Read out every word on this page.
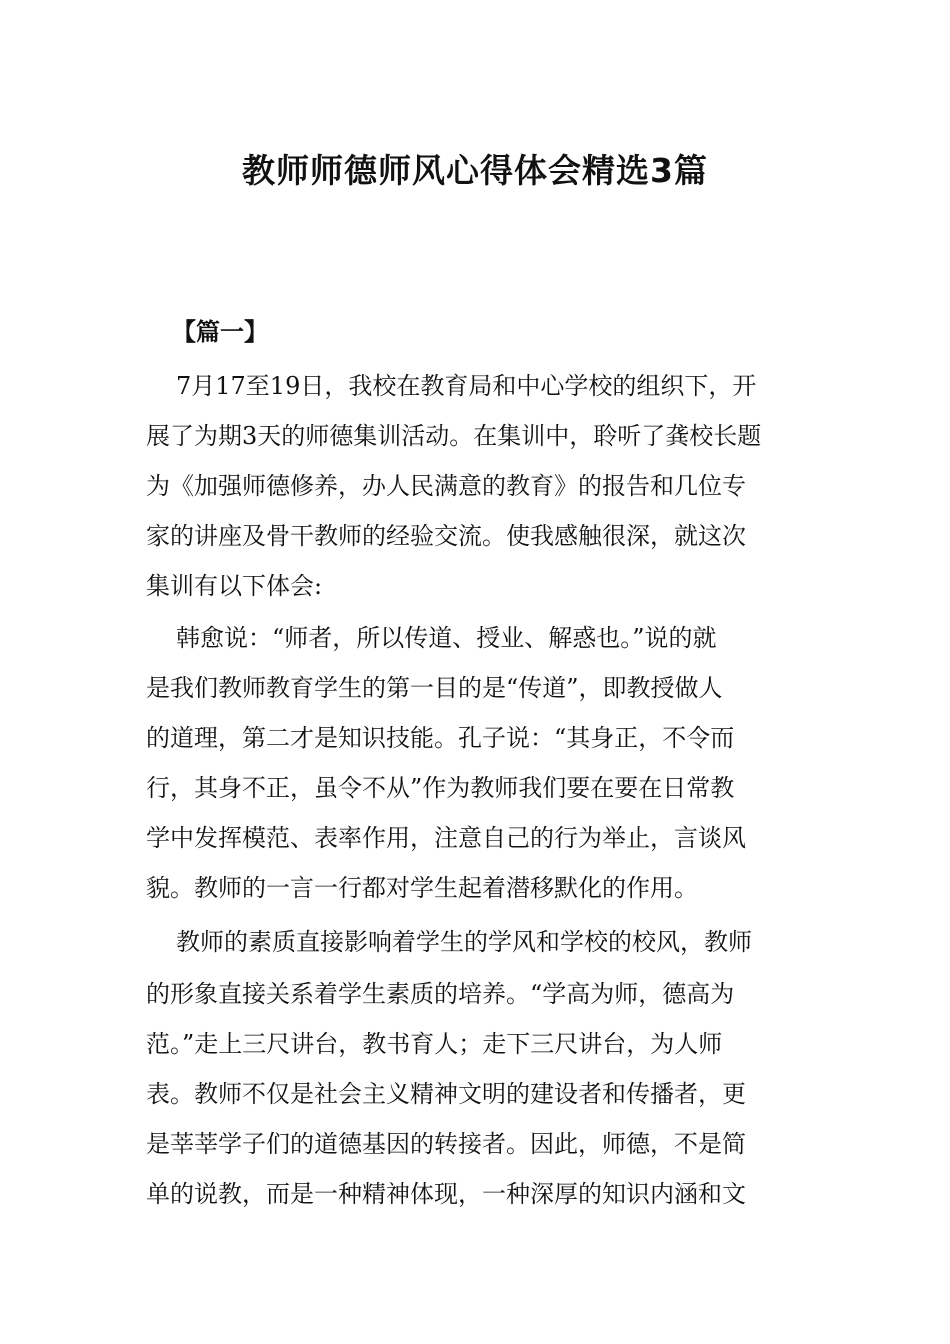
教师师德师风心得体会精选3篇
【篇一】
7月17至19日，我校在教育局和中心学校的组织下，开
展了为期3天的师德集训活动。在集训中，聆听了龚校长题
为《加强师德修养，办人民满意的教育》的报告和几位专
家的讲座及骨干教师的经验交流。使我感触很深，就这次
集训有以下体会:
韩愈说：“师者，所以传道、授业、解惑也。”说的就
是我们教师教育学生的第一目的是“传道”，即教授做人
的道理，第二才是知识技能。孔子说：“其身正，不令而
行，其身不正，虽令不从”作为教师我们要在要在日常教
学中发挥模范、表率作用，注意自己的行为举止，言谈风
貌。教师的一言一行都对学生起着潜移默化的作用。
教师的素质直接影响着学生的学风和学校的校风，教师
的形象直接关系着学生素质的培养。“学高为师，德高为
范。”走上三尺讲台，教书育人；走下三尺讲台，为人师
表。教师不仅是社会主义精神文明的建设者和传播者，更
是莘莘学子们的道德基因的转接者。因此，师德，不是简
单的说教，而是一种精神体现，一种深厚的知识内涵和文
